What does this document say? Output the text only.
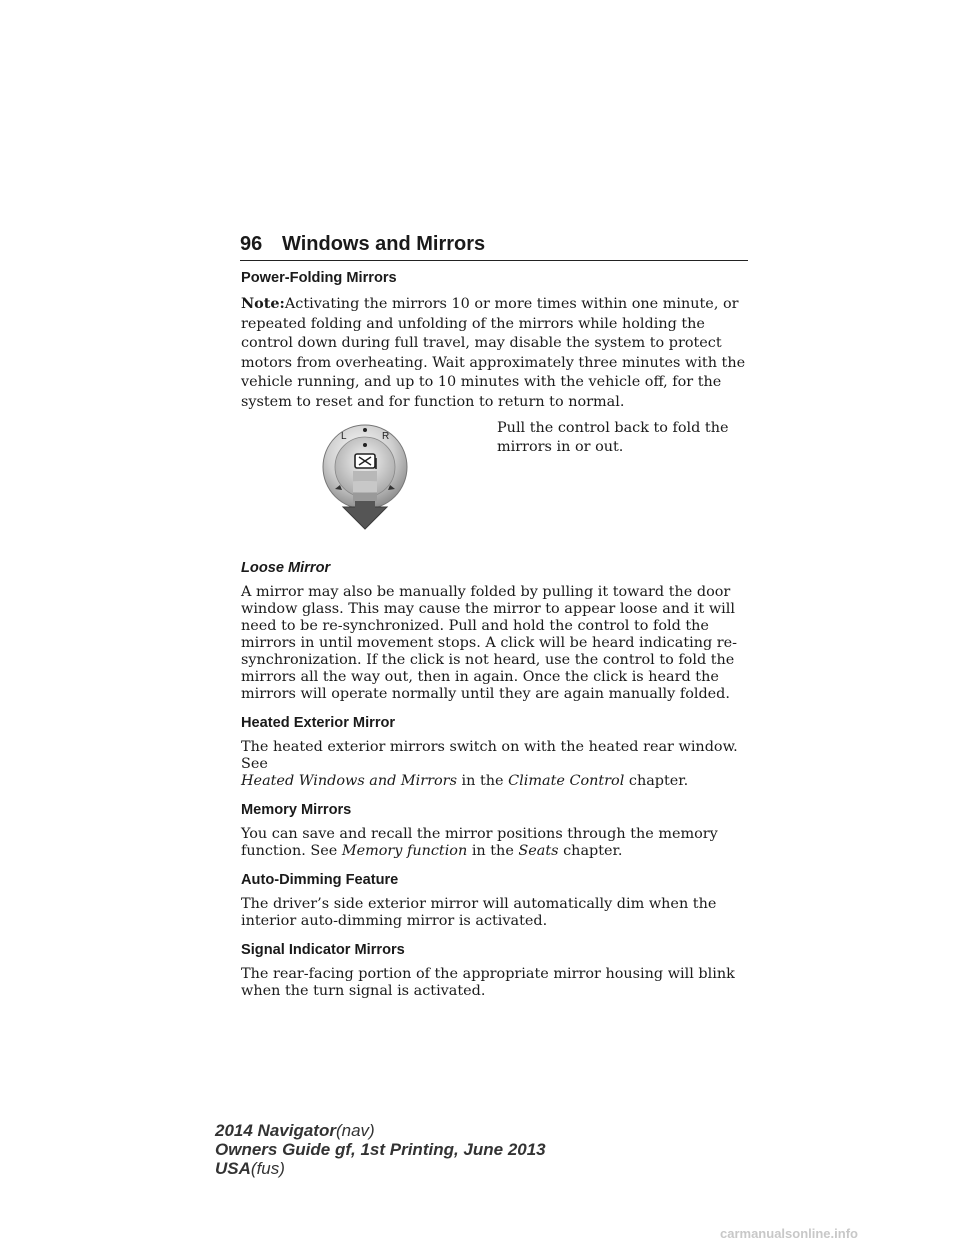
96 Windows and Mirrors
Power-Folding Mirrors

Note:Activating the mirrors 10 or more times within one minute, or repeated folding and unfolding of the mirrors while holding the control down during full travel, may disable the system to protect motors from overheating. Wait approximately three minutes with the vehicle running, and up to 10 minutes with the vehicle off, for the system to reset and for function to return to normal.

L	R

Pull the control back to fold the mirrors in or out.

Loose Mirror

A mirror may also be manually folded by pulling it toward the door window glass. This may cause the mirror to appear loose and it will need to be re-synchronized. Pull and hold the control to fold the mirrors in until movement stops. A click will be heard indicating re-synchronization. If the click is not heard, use the control to fold the mirrors all the way out, then in again. Once the click is heard the mirrors will operate normally until they are again manually folded.

Heated Exterior Mirror

The heated exterior mirrors switch on with the heated rear window. See
Heated Windows and Mirrors in the Climate Control chapter.

Memory Mirrors

You can save and recall the mirror positions through the memory function. See Memory function in the Seats chapter.

Auto-Dimming Feature

The driver’s side exterior mirror will automatically dim when the interior auto-dimming mirror is activated.

Signal Indicator Mirrors

The rear-facing portion of the appropriate mirror housing will blink when the turn signal is activated.

2014 Navigator(nav)
Owners Guide gf, 1st Printing, June 2013
USA(fus)
carmanualsonline.info
